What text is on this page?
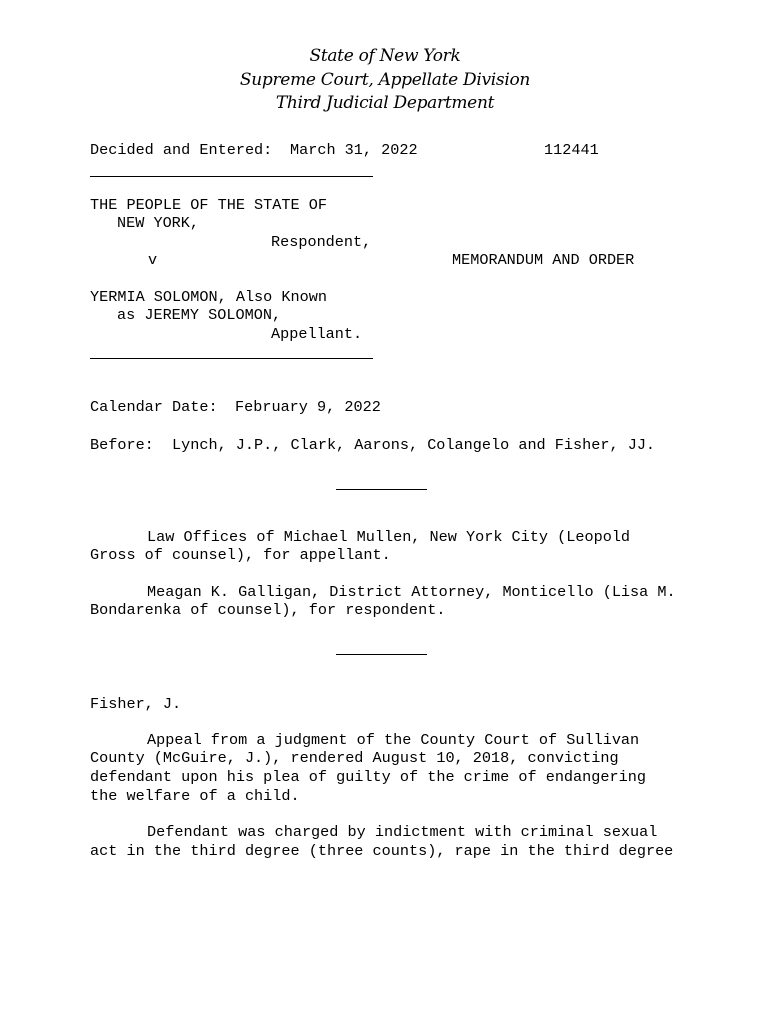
State of New York
Supreme Court, Appellate Division
Third Judicial Department
Decided and Entered: March 31, 2022	112441
THE PEOPLE OF THE STATE OF
NEW YORK,
Respondent,
v	MEMORANDUM AND ORDER
YERMIA SOLOMON, Also Known
as JEREMY SOLOMON,
Appellant.
Calendar Date: February 9, 2022
Before: Lynch, J.P., Clark, Aarons, Colangelo and Fisher, JJ.
Law Offices of Michael Mullen, New York City (Leopold
Gross of counsel), for appellant.
Meagan K. Galligan, District Attorney, Monticello (Lisa M.
Bondarenka of counsel), for respondent.
Fisher, J.
Appeal from a judgment of the County Court of Sullivan
County (McGuire, J.), rendered August 10, 2018, convicting
defendant upon his plea of guilty of the crime of endangering
the welfare of a child.
Defendant was charged by indictment with criminal sexual
act in the third degree (three counts), rape in the third degree
